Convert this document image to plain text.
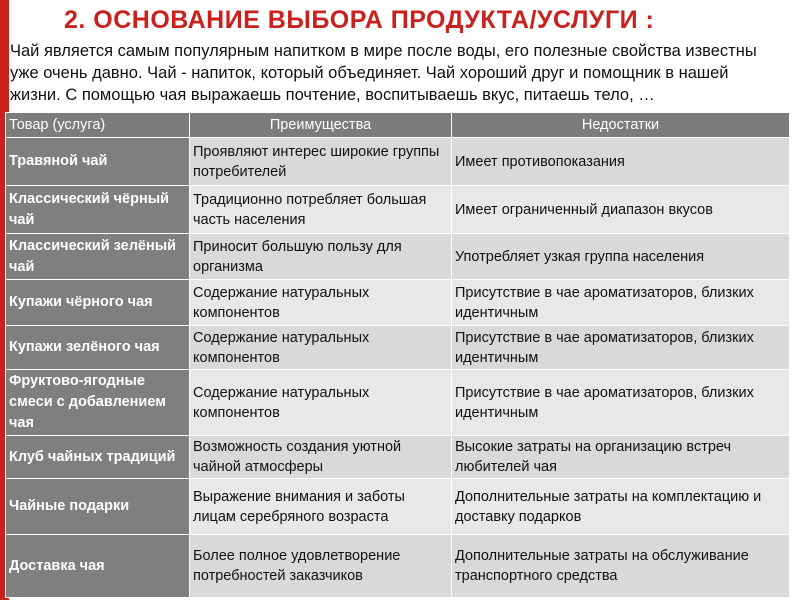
2. ОСНОВАНИЕ ВЫБОРА ПРОДУКТА/УСЛУГИ :
Чай является самым популярным напитком в мире после воды, его полезные свойства известны уже очень давно. Чай - напиток, который объединяет. Чай хороший друг и помощник в нашей жизни. С помощью чая выражаешь почтение, воспитываешь вкус, питаешь тело, …
Товар (услуга)	Преимущества	Недостатки
Травяной чай	Проявляют интерес широкие группы потребителей	Имеет противопоказания
Классический чёрный чай	Традиционно потребляет большая часть населения	Имеет ограниченный диапазон вкусов
Классический зелёный чай	Приносит большую пользу для организма	Употребляет узкая группа населения
Купажи чёрного чая	Содержание натуральных компонентов	Присутствие в чае ароматизаторов, близких идентичным
Купажи зелёного чая	Содержание натуральных компонентов	Присутствие в чае ароматизаторов, близких идентичным
Фруктово-ягодные смеси с добавлением чая	Содержание натуральных компонентов	Присутствие в чае ароматизаторов, близких идентичным
Клуб чайных традиций	Возможность создания уютной чайной атмосферы	Высокие затраты на организацию встреч любителей чая
Чайные подарки	Выражение внимания и заботы лицам серебряного возраста	Дополнительные затраты на комплектацию и доставку подарков
Доставка чая	Более полное удовлетворение потребностей заказчиков	Дополнительные затраты на обслуживание транспортного средства
